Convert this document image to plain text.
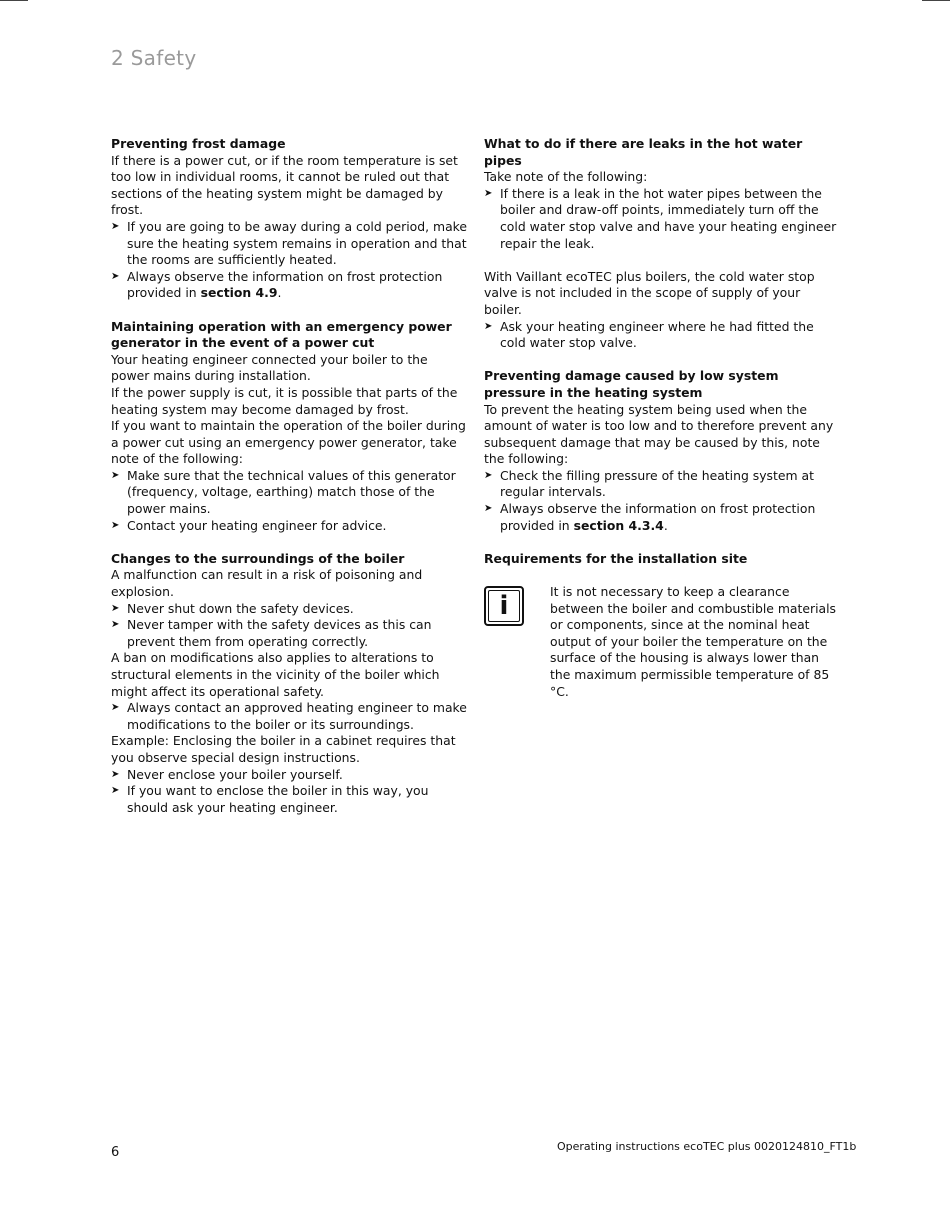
2 Safety

Preventing frost damage

If there is a power cut, or if the room temperature is set too low in individual rooms, it cannot be ruled out that sections of the heating system might be damaged by frost.

➤ If you are going to be away during a cold period, make sure the heating system remains in operation and that the rooms are sufficiently heated.

➤ Always observe the information on frost protection provided in section 4.9.

Maintaining operation with an emergency power generator in the event of a power cut

Your heating engineer connected your boiler to the power mains during installation.

If the power supply is cut, it is possible that parts of the heating system may become damaged by frost.

If you want to maintain the operation of the boiler during a power cut using an emergency power generator, take note of the following:

➤ Make sure that the technical values of this generator (frequency, voltage, earthing) match those of the power mains.

➤ Contact your heating engineer for advice.

Changes to the surroundings of the boiler

A malfunction can result in a risk of poisoning and explosion.

➤ Never shut down the safety devices.

➤ Never tamper with the safety devices as this can prevent them from operating correctly.

A ban on modifications also applies to alterations to structural elements in the vicinity of the boiler which might affect its operational safety.

➤ Always contact an approved heating engineer to make modifications to the boiler or its surroundings.

Example: Enclosing the boiler in a cabinet requires that you observe special design instructions.

➤ Never enclose your boiler yourself.

➤ If you want to enclose the boiler in this way, you should ask your heating engineer.

What to do if there are leaks in the hot water pipes

Take note of the following:

➤ If there is a leak in the hot water pipes between the boiler and draw-off points, immediately turn off the cold water stop valve and have your heating engineer repair the leak.

With Vaillant ecoTEC plus boilers, the cold water stop valve is not included in the scope of supply of your boiler.

➤ Ask your heating engineer where he had fitted the cold water stop valve.

Preventing damage caused by low system pressure in the heating system

To prevent the heating system being used when the amount of water is too low and to therefore prevent any subsequent damage that may be caused by this, note the following:

➤ Check the filling pressure of the heating system at regular intervals.

➤ Always observe the information on frost protection provided in section 4.3.4.

Requirements for the installation site

i	It is not necessary to keep a clearance between the boiler and combustible materials or components, since at the nominal heat output of your boiler the temperature on the surface of the housing is always lower than the maximum permissible temperature of 85 °C.

6	Operating instructions ecoTEC plus 0020124810_FT1b
